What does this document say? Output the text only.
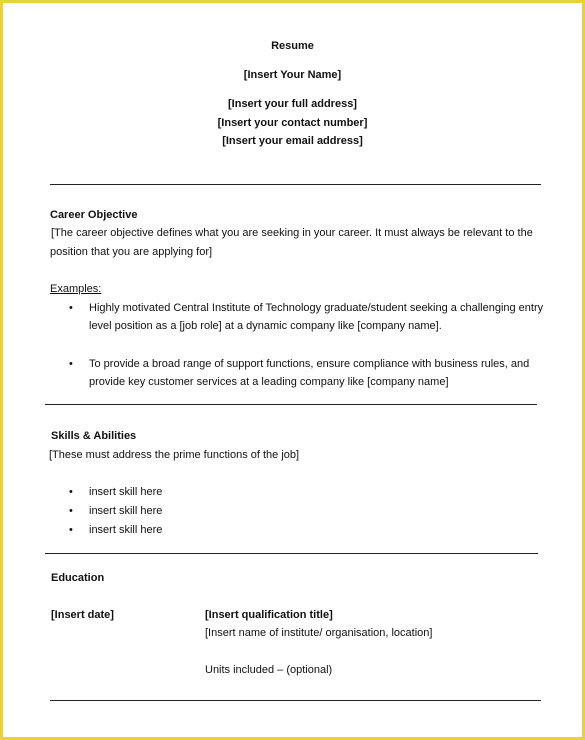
Resume
[Insert Your Name]
[Insert your full address]
[Insert your contact number]
[Insert your email address]
Career Objective
[The career objective defines what you are seeking in your career. It must always be relevant to the
position that you are applying for]
Examples:
• Highly motivated Central Institute of Technology graduate/student seeking a challenging entry
level position as a [job role] at a dynamic company like [company name].
• To provide a broad range of support functions, ensure compliance with business rules, and
provide key customer services at a leading company like [company name]
Skills & Abilities
[These must address the prime functions of the job]
• insert skill here
• insert skill here
• insert skill here
Education
[Insert date]	[Insert qualification title]
[Insert name of institute/ organisation, location]
Units included – (optional)
